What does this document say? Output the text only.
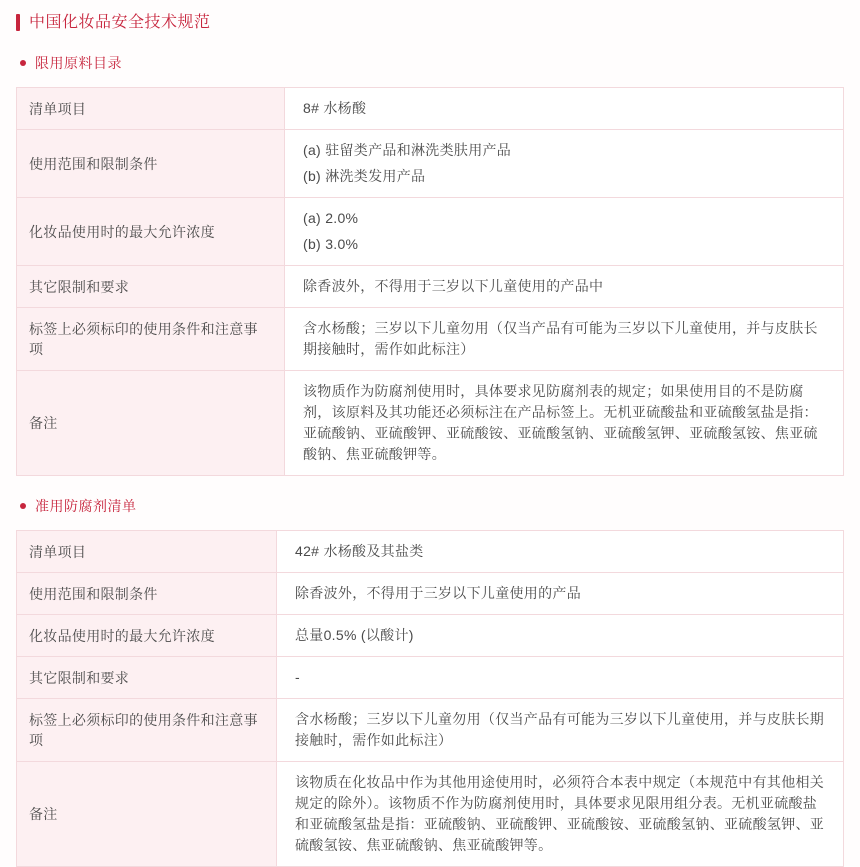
中国化妆品安全技术规范
限用原料目录
清单项目	8# 水杨酸

使用范围和限制条件	(a) 驻留类产品和淋洗类肤用产品
(b) 淋洗类发用产品

化妆品使用时的最大允许浓度	(a) 2.0%
(b) 3.0%

其它限制和要求	除香波外，不得用于三岁以下儿童使用的产品中

标签上必须标印的使用条件和注意事项	含水杨酸；三岁以下儿童勿用（仅当产品有可能为三岁以下儿童使用，并与皮肤长期接触时，需作如此标注）

备注	该物质作为防腐剂使用时，具体要求见防腐剂表的规定；如果使用目的不是防腐剂，该原料及其功能还必须标注在产品标签上。无机亚硫酸盐和亚硫酸氢盐是指：亚硫酸钠、亚硫酸钾、亚硫酸铵、亚硫酸氢钠、亚硫酸氢钾、亚硫酸氢铵、焦亚硫酸钠、焦亚硫酸钾等。
准用防腐剂清单
清单项目	42# 水杨酸及其盐类

使用范围和限制条件	除香波外，不得用于三岁以下儿童使用的产品

化妆品使用时的最大允许浓度	总量0.5% (以酸计)

其它限制和要求	-

标签上必须标印的使用条件和注意事项	含水杨酸；三岁以下儿童勿用（仅当产品有可能为三岁以下儿童使用，并与皮肤长期接触时，需作如此标注）

备注	该物质在化妆品中作为其他用途使用时，必须符合本表中规定（本规范中有其他相关规定的除外）。该物质不作为防腐剂使用时，具体要求见限用组分表。无机亚硫酸盐和亚硫酸氢盐是指：亚硫酸钠、亚硫酸钾、亚硫酸铵、亚硫酸氢钠、亚硫酸氢钾、亚硫酸氢铵、焦亚硫酸钠、焦亚硫酸钾等。
